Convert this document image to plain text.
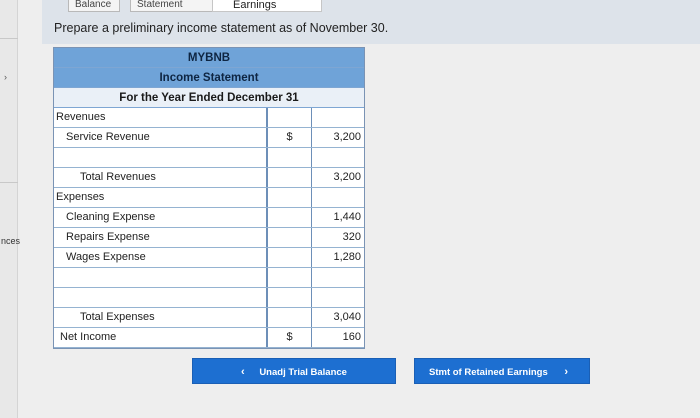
›
nces
Balance	Statement	Earnings
Prepare a preliminary income statement as of November 30.
MYBNB
Income Statement
For the Year Ended December 31
Revenues
Service Revenue	$	3,200
Total Revenues	3,200
Expenses
Cleaning Expense	1,440
Repairs Expense	320
Wages Expense	1,280
Total Expenses	3,040
Net Income	$	160
‹ Unadj Trial Balance	Stmt of Retained Earnings ›
